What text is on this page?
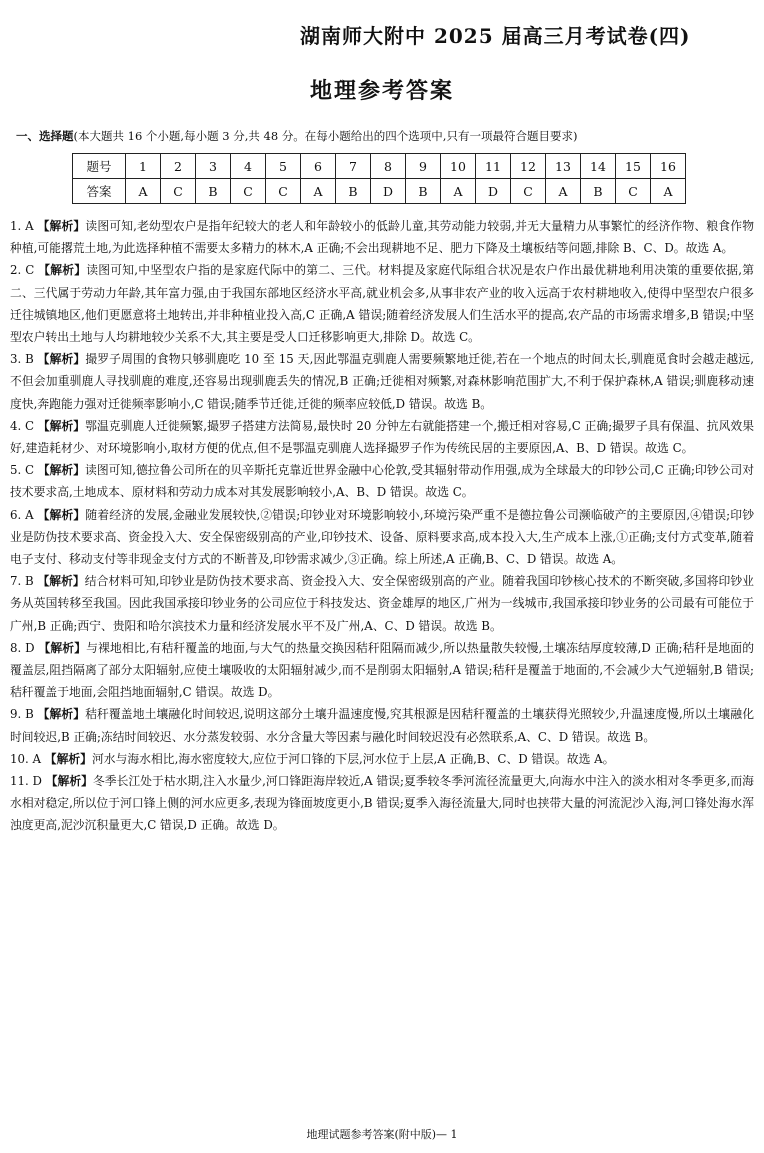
湖南师大附中 2025 届高三月考试卷(四)
地理参考答案
一、选择题(本大题共 16 个小题,每小题 3 分,共 48 分。在每小题给出的四个选项中,只有一项最符合题目要求)
题号	1	2	3	4	5	6	7	8	9	10	11	12	13	14	15	16
答案	A	C	B	C	C	A	B	D	B	A	D	C	A	B	C	A
1. A 【解析】读图可知,老幼型农户是指年纪较大的老人和年龄较小的低龄儿童,其劳动能力较弱,并无大量精力从事繁忙的经济作物、粮食作物种植,可能撂荒土地,为此选择种植不需要太多精力的林木,A 正确;不会出现耕地不足、肥力下降及土壤板结等问题,排除 B、C、D。故选 A。
2. C 【解析】读图可知,中坚型农户指的是家庭代际中的第二、三代。材料提及家庭代际组合状况是农户作出最优耕地利用决策的重要依据,第二、三代属于劳动力年龄,其年富力强,由于我国东部地区经济水平高,就业机会多,从事非农产业的收入远高于农村耕地收入,使得中坚型农户很多迁往城镇地区,他们更愿意将土地转出,并非种植业投入高,C 正确,A 错误;随着经济发展人们生活水平的提高,农产品的市场需求增多,B 错误;中坚型农户转出土地与人均耕地较少关系不大,其主要是受人口迁移影响更大,排除 D。故选 C。
3. B 【解析】撮罗子周围的食物只够驯鹿吃 10 至 15 天,因此鄂温克驯鹿人需要频繁地迁徙,若在一个地点的时间太长,驯鹿觅食时会越走越远,不但会加重驯鹿人寻找驯鹿的难度,还容易出现驯鹿丢失的情况,B 正确;迁徙相对频繁,对森林影响范围扩大,不利于保护森林,A 错误;驯鹿移动速度快,奔跑能力强对迁徙频率影响小,C 错误;随季节迁徙,迁徙的频率应较低,D 错误。故选 B。
4. C 【解析】鄂温克驯鹿人迁徙频繁,撮罗子搭建方法简易,最快时 20 分钟左右就能搭建一个,搬迁相对容易,C 正确;撮罗子具有保温、抗风效果好,建造耗材少、对环境影响小,取材方便的优点,但不是鄂温克驯鹿人选择撮罗子作为传统民居的主要原因,A、B、D 错误。故选 C。
5. C 【解析】读图可知,德拉鲁公司所在的贝辛斯托克靠近世界金融中心伦敦,受其辐射带动作用强,成为全球最大的印钞公司,C 正确;印钞公司对技术要求高,土地成本、原材料和劳动力成本对其发展影响较小,A、B、D 错误。故选 C。
6. A 【解析】随着经济的发展,金融业发展较快,②错误;印钞业对环境影响较小,环境污染严重不是德拉鲁公司濒临破产的主要原因,④错误;印钞业是防伪技术要求高、资金投入大、安全保密级别高的产业,印钞技术、设备、原料要求高,成本投入大,生产成本上涨,①正确;支付方式变革,随着电子支付、移动支付等非现金支付方式的不断普及,印钞需求减少,③正确。综上所述,A 正确,B、C、D 错误。故选 A。
7. B 【解析】结合材料可知,印钞业是防伪技术要求高、资金投入大、安全保密级别高的产业。随着我国印钞核心技术的不断突破,多国将印钞业务从英国转移至我国。因此我国承接印钞业务的公司应位于科技发达、资金雄厚的地区,广州为一线城市,我国承接印钞业务的公司最有可能位于广州,B 正确;西宁、贵阳和哈尔滨技术力量和经济发展水平不及广州,A、C、D 错误。故选 B。
8. D 【解析】与裸地相比,有秸秆覆盖的地面,与大气的热量交换因秸秆阻隔而减少,所以热量散失较慢,土壤冻结厚度较薄,D 正确;秸秆是地面的覆盖层,阻挡隔离了部分太阳辐射,应使土壤吸收的太阳辐射减少,而不是削弱太阳辐射,A 错误;秸秆是覆盖于地面的,不会减少大气逆辐射,B 错误;秸秆覆盖于地面,会阻挡地面辐射,C 错误。故选 D。
9. B 【解析】秸秆覆盖地土壤融化时间较迟,说明这部分土壤升温速度慢,究其根源是因秸秆覆盖的土壤获得光照较少,升温速度慢,所以土壤融化时间较迟,B 正确;冻结时间较迟、水分蒸发较弱、水分含量大等因素与融化时间较迟没有必然联系,A、C、D 错误。故选 B。
10. A 【解析】河水与海水相比,海水密度较大,应位于河口锋的下层,河水位于上层,A 正确,B、C、D 错误。故选 A。
11. D 【解析】冬季长江处于枯水期,注入水量少,河口锋距海岸较近,A 错误;夏季较冬季河流径流量更大,向海水中注入的淡水相对冬季更多,而海水相对稳定,所以位于河口锋上侧的河水应更多,表现为锋面坡度更小,B 错误;夏季入海径流量大,同时也挟带大量的河流泥沙入海,河口锋处海水浑浊度更高,泥沙沉积量更大,C 错误,D 正确。故选 D。
地理试题参考答案(附中版)— 1
